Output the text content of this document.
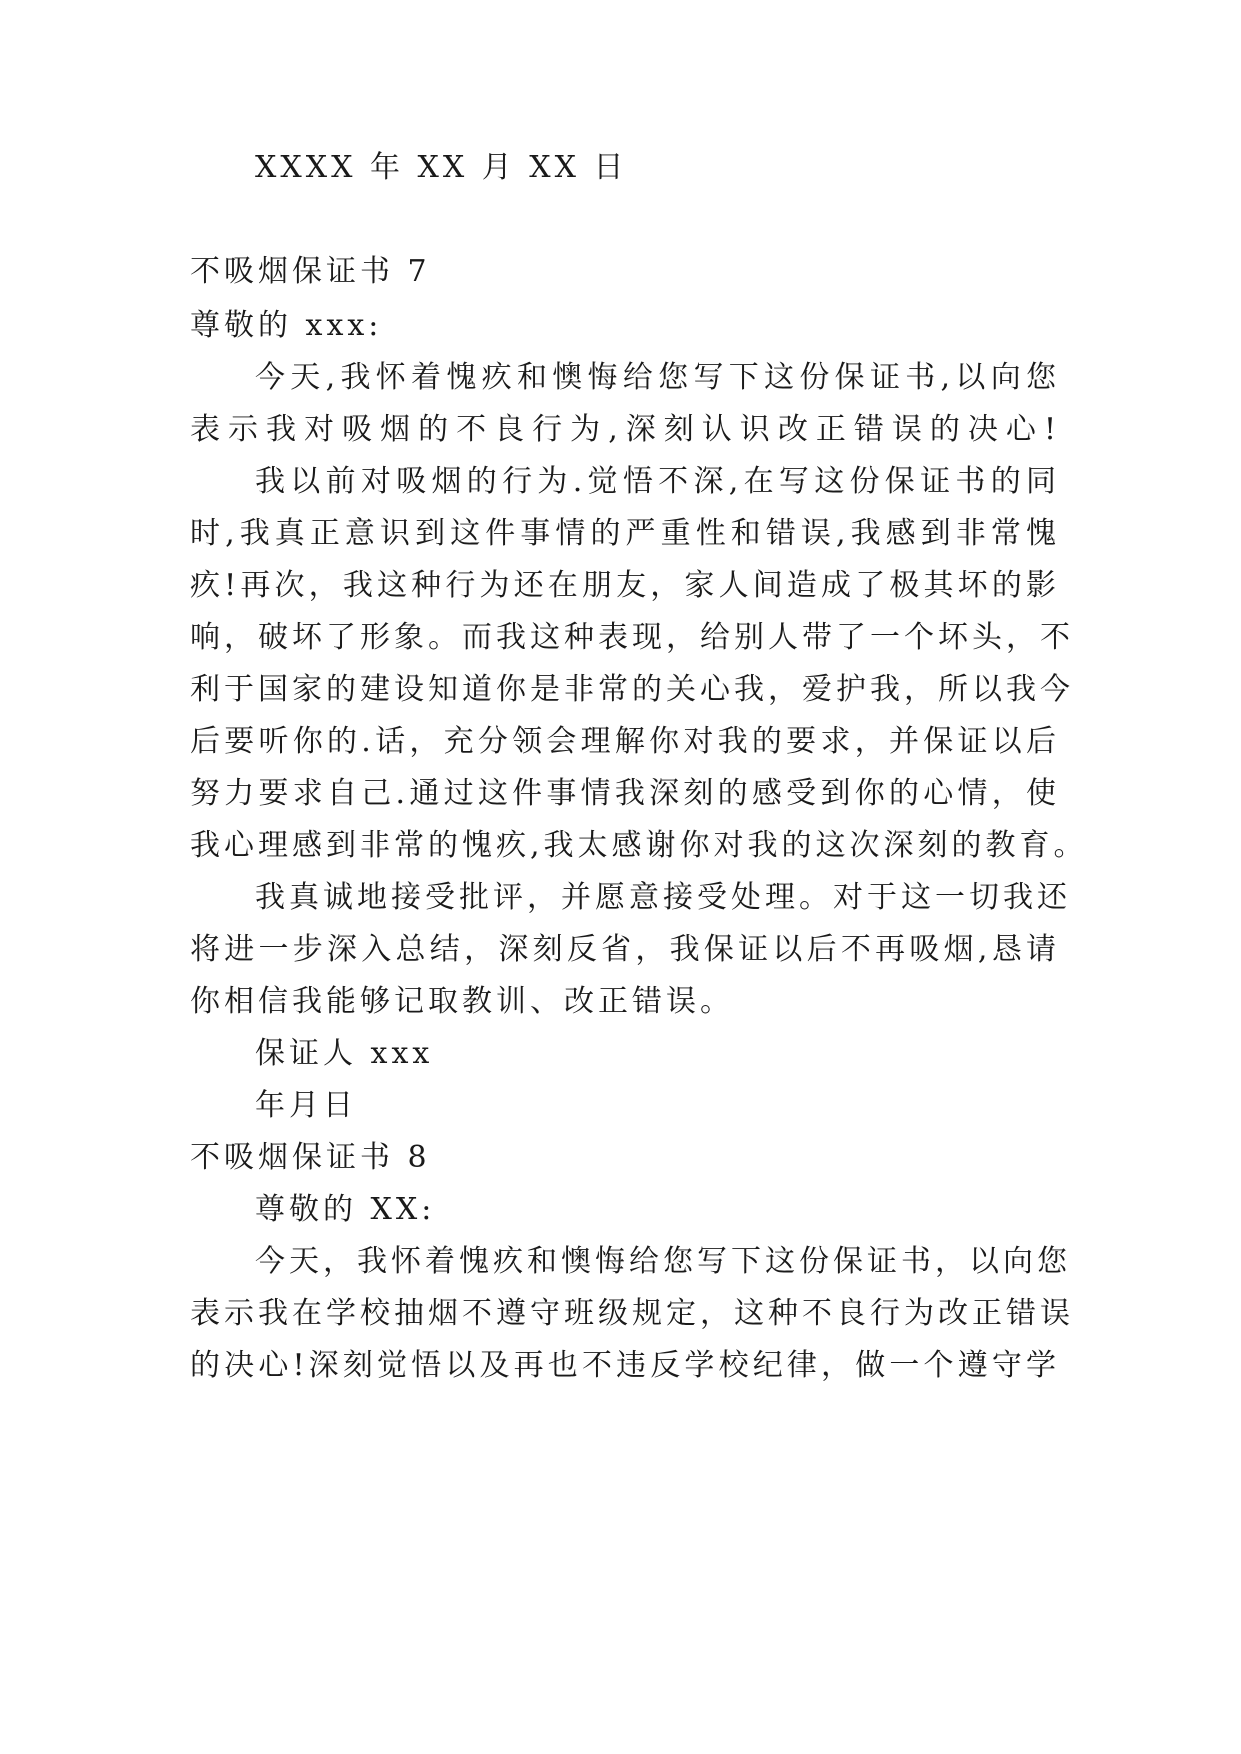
XXXX 年 XX 月 XX 日
不吸烟保证书 7
尊敬的 xxx:
今天,我怀着愧疚和懊悔给您写下这份保证书,以向您
表示我对吸烟的不良行为,深刻认识改正错误的决心!
我以前对吸烟的行为.觉悟不深,在写这份保证书的同
时,我真正意识到这件事情的严重性和错误,我感到非常愧
疚!再次，我这种行为还在朋友，家人间造成了极其坏的影
响，破坏了形象。而我这种表现，给别人带了一个坏头，不
利于国家的建设知道你是非常的关心我，爱护我，所以我今
后要听你的.话，充分领会理解你对我的要求，并保证以后
努力要求自己.通过这件事情我深刻的感受到你的心情，使
我心理感到非常的愧疚,我太感谢你对我的这次深刻的教育。
我真诚地接受批评，并愿意接受处理。对于这一切我还
将进一步深入总结，深刻反省，我保证以后不再吸烟,恳请
你相信我能够记取教训、改正错误。
保证人 xxx
年月日
不吸烟保证书 8
尊敬的 XX:
今天，我怀着愧疚和懊悔给您写下这份保证书，以向您
表示我在学校抽烟不遵守班级规定，这种不良行为改正错误
的决心!深刻觉悟以及再也不违反学校纪律，做一个遵守学
